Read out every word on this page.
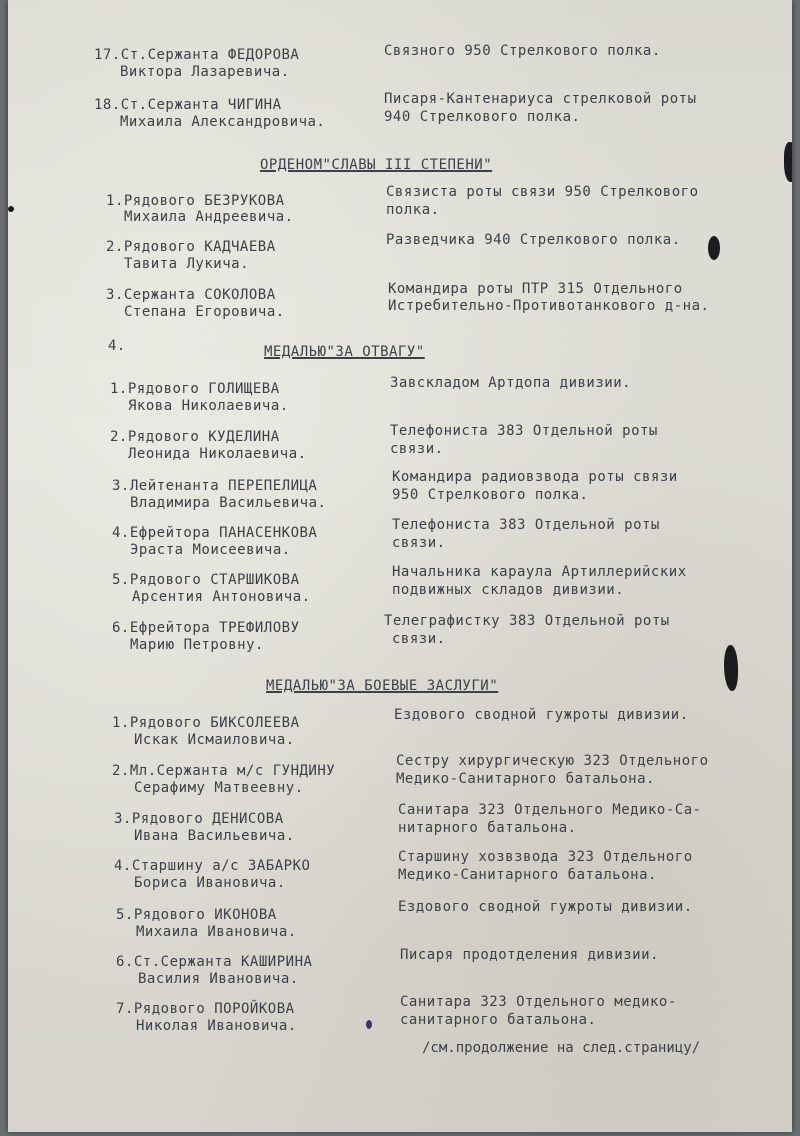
17.Ст.Сержанта ФЕДОРОВА
Виктора Лазаревича.
Связного 950 Стрелкового полка.
18.Ст.Сержанта ЧИГИНА
Михаила Александровича.
Писаря-Кантенариуса стрелковой роты
940 Стрелкового полка.
ОРДЕНОМ"СЛАВЫ III СТЕПЕНИ"
1.Рядового БЕЗРУКОВА
Михаила Андреевича.
Связиста роты связи 950 Стрелкового
полка.
2.Рядового КАДЧАЕВА
Тавита Лукича.
Разведчика 940 Стрелкового полка.
3.Сержанта СОКОЛОВА
Степана Егоровича.
Командира роты ПТР 315 Отдельного
Истребительно-Противотанкового д-на.
4.	МЕДАЛЬЮ"ЗА ОТВАГУ"
1.Рядового ГОЛИЩЕВА
Якова Николаевича.
Завскладом Артдопа дивизии.
2.Рядового КУДЕЛИНА
Леонида Николаевича.
Телефониста 383 Отдельной роты
связи.
3.Лейтенанта ПЕРЕПЕЛИЦА
Владимира Васильевича.
Командира радиовзвода роты связи
950 Стрелкового полка.
4.Ефрейтора ПАНАСЕНКОВА
Эраста Моисеевича.
Телефониста 383 Отдельной роты
связи.
5.Рядового СТАРШИКОВА
Арсентия Антоновича.
Начальника караула Артиллерийских
подвижных складов дивизии.
6.Ефрейтора ТРЕФИЛОВУ
Марию Петровну.
Телеграфистку 383 Отдельной роты
связи.
МЕДАЛЬЮ"ЗА БОЕВЫЕ ЗАСЛУГИ"
1.Рядового БИКСОЛЕЕВА
Искак Исмаиловича.
Ездового сводной гужроты дивизии.
2.Мл.Сержанта м/с ГУНДИНУ
Серафиму Матвеевну.
Сестру хирургическую 323 Отдельного
Медико-Санитарного батальона.
3.Рядового ДЕНИСОВА
Ивана Васильевича.
Санитара 323 Отдельного Медико-Са-
нитарного батальона.
4.Старшину а/с ЗАБАРКО
Бориса Ивановича.
Старшину хозвзвода 323 Отдельного
Медико-Санитарного батальона.
5.Рядового ИКОНОВА
Михаила Ивановича.
Ездового сводной гужроты дивизии.
6.Ст.Сержанта КАШИРИНА
Василия Ивановича.
Писаря продотделения дивизии.
7.Рядового ПОРОЙКОВА
Николая Ивановича.
Санитара 323 Отдельного медико-
санитарного батальона.
/см.продолжение на след.страницу/
